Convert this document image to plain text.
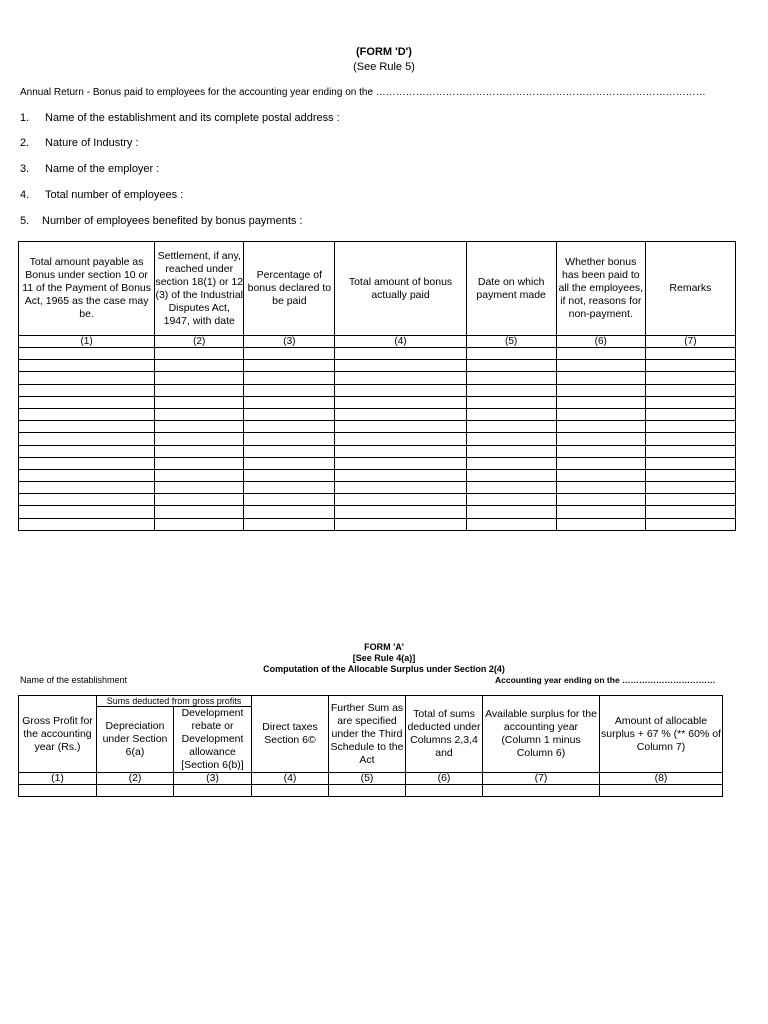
(FORM 'D')
(See Rule 5)
Annual Return - Bonus paid to employees for the accounting year ending on the ………………………………………………………………………………………
1. Name of the establishment and its complete postal address :
2. Nature of Industry :
3. Name of the employer :
4. Total number of employees :
5. Number of employees benefited by bonus payments :
Total amount payable as Bonus under section 10 or 11 of the Payment of Bonus Act, 1965 as the case may be.	Settlement, if any, reached under section 18(1) or 12 (3) of the Industrial Disputes Act, 1947, with date	Percentage of bonus declared to be paid	Total amount of bonus actually paid	Date on which payment made	Whether bonus has been paid to all the employees, if not, reasons for non-payment.	Remarks
(1)	(2)	(3)	(4)	(5)	(6)	(7)

FORM 'A'
[See Rule 4(a)]
Computation of the Allocable Surplus under Section 2(4)
Name of the establishment	Accounting year ending on the ……………………………
Gross Profit for the accounting year (Rs.)	Sums deducted from gross profits		Direct taxes Section 6©	Further Sum as are specified under the Third Schedule to the Act	Total of sums deducted under Columns 2,3,4 and	Available surplus for the accounting year (Column 1 minus Column 6)	Amount of allocable surplus + 67 % (** 60% of Column 7)
	Depreciation under Section 6(a)	Development rebate or Development allowance [Section 6(b)]					
(1)	(2)	(3)	(4)	(5)	(6)	(7)	(8)
